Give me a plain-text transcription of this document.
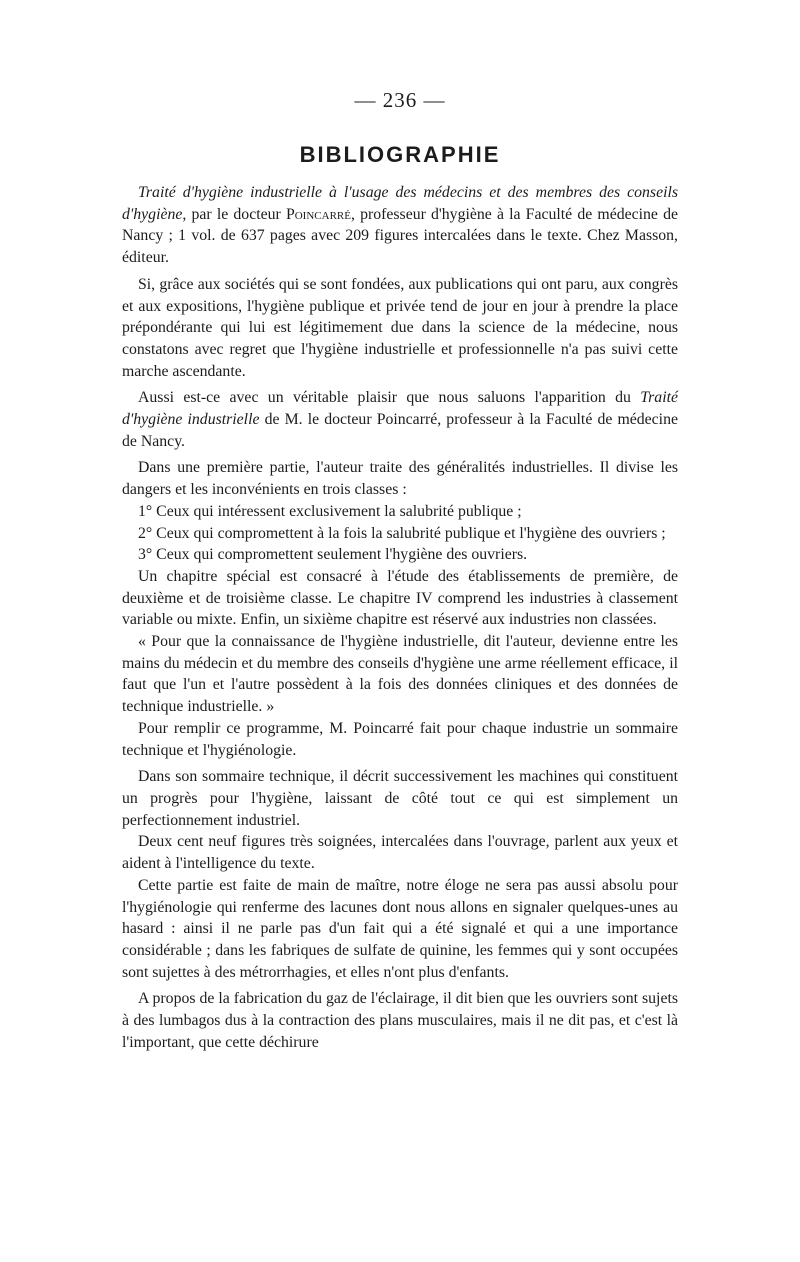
— 236 —
BIBLIOGRAPHIE

Traité d'hygiène industrielle à l'usage des médecins et des membres des conseils d'hygiène, par le docteur Poincarré, professeur d'hygiène à la Faculté de médecine de Nancy ; 1 vol. de 637 pages avec 209 figures intercalées dans le texte. Chez Masson, éditeur.

Si, grâce aux sociétés qui se sont fondées, aux publications qui ont paru, aux congrès et aux expositions, l'hygiène publique et privée tend de jour en jour à prendre la place prépondérante qui lui est légitimement due dans la science de la médecine, nous constatons avec regret que l'hygiène industrielle et professionnelle n'a pas suivi cette marche ascendante.

Aussi est-ce avec un véritable plaisir que nous saluons l'apparition du Traité d'hygiène industrielle de M. le docteur Poincarré, professeur à la Faculté de médecine de Nancy.

Dans une première partie, l'auteur traite des généralités industrielles. Il divise les dangers et les inconvénients en trois classes :

1° Ceux qui intéressent exclusivement la salubrité publique ;

2° Ceux qui compromettent à la fois la salubrité publique et l'hygiène des ouvriers ;

3° Ceux qui compromettent seulement l'hygiène des ouvriers.

Un chapitre spécial est consacré à l'étude des établissements de première, de deuxième et de troisième classe. Le chapitre IV comprend les industries à classement variable ou mixte. Enfin, un sixième chapitre est réservé aux industries non classées.

« Pour que la connaissance de l'hygiène industrielle, dit l'auteur, devienne entre les mains du médecin et du membre des conseils d'hygiène une arme réellement efficace, il faut que l'un et l'autre possèdent à la fois des données cliniques et des données de technique industrielle. »

Pour remplir ce programme, M. Poincarré fait pour chaque industrie un sommaire technique et l'hygiénologie.

Dans son sommaire technique, il décrit successivement les machines qui constituent un progrès pour l'hygiène, laissant de côté tout ce qui est simplement un perfectionnement industriel.

Deux cent neuf figures très soignées, intercalées dans l'ouvrage, parlent aux yeux et aident à l'intelligence du texte.

Cette partie est faite de main de maître, notre éloge ne sera pas aussi absolu pour l'hygiénologie qui renferme des lacunes dont nous allons en signaler quelques-unes au hasard : ainsi il ne parle pas d'un fait qui a été signalé et qui a une importance considérable ; dans les fabriques de sulfate de quinine, les femmes qui y sont occupées sont sujettes à des métrorrhagies, et elles n'ont plus d'enfants.

A propos de la fabrication du gaz de l'éclairage, il dit bien que les ouvriers sont sujets à des lumbagos dus à la contraction des plans musculaires, mais il ne dit pas, et c'est là l'important, que cette déchirure
